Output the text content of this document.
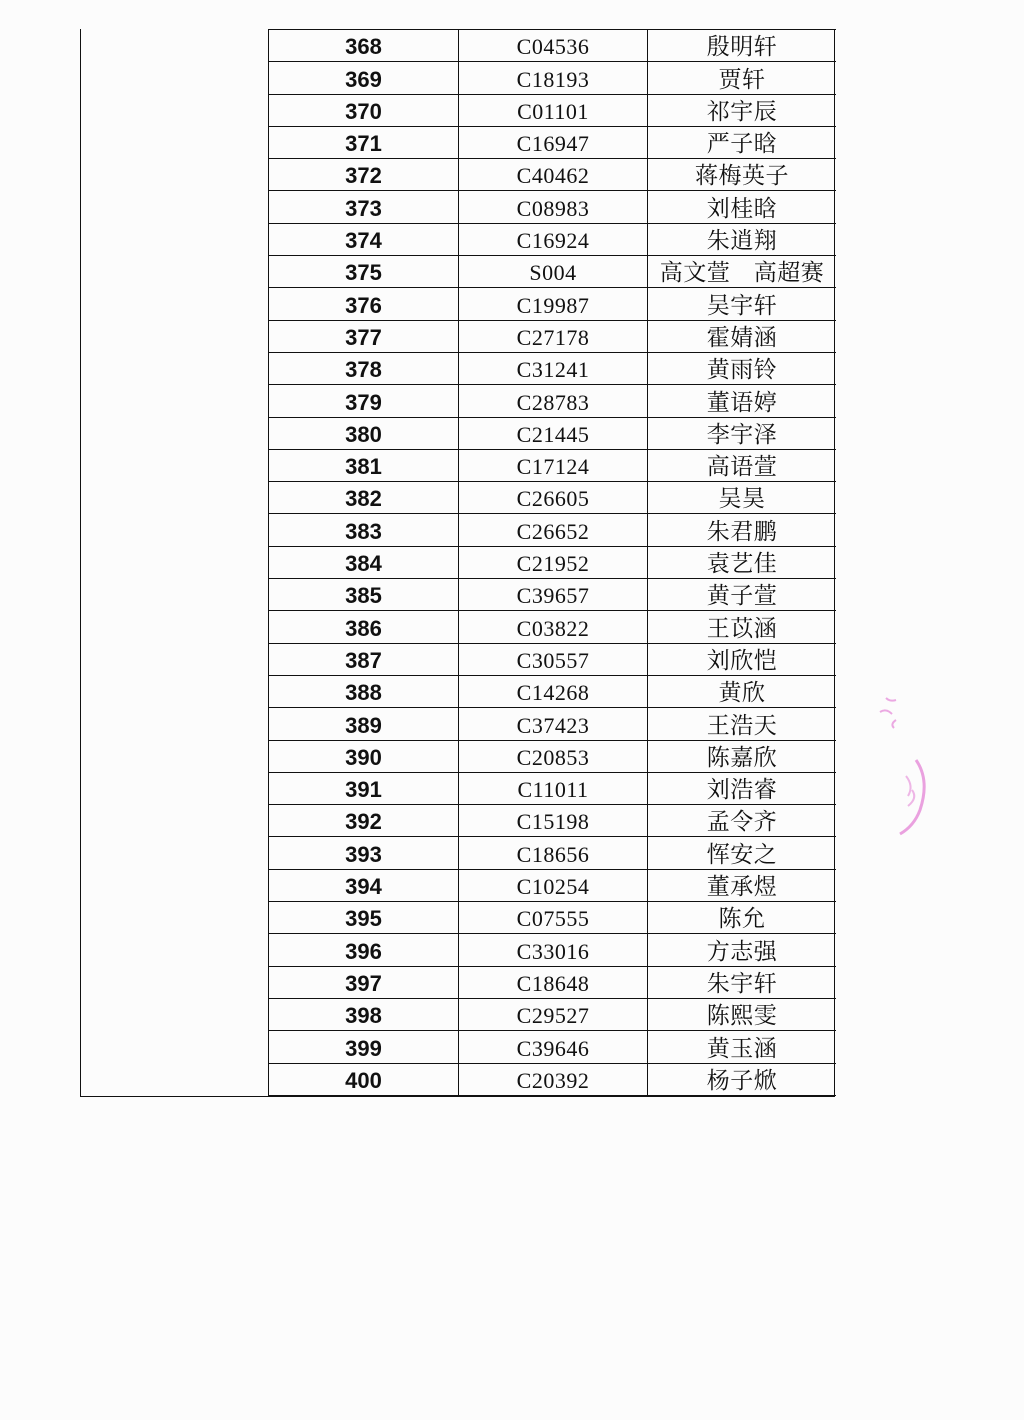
368	C04536	殷明轩
369	C18193	贾轩
370	C01101	祁宇辰
371	C16947	严子晗
372	C40462	蒋梅英子
373	C08983	刘桂晗
374	C16924	朱逍翔
375	S004	高文萱　高超赛
376	C19987	吴宇轩
377	C27178	霍婧涵
378	C31241	黄雨铃
379	C28783	董语婷
380	C21445	李宇泽
381	C17124	高语萱
382	C26605	吴昊
383	C26652	朱君鹏
384	C21952	袁艺佳
385	C39657	黄子萱
386	C03822	王苡涵
387	C30557	刘欣恺
388	C14268	黄欣
389	C37423	王浩天
390	C20853	陈嘉欣
391	C11011	刘浩睿
392	C15198	孟令齐
393	C18656	恽安之
394	C10254	董承煜
395	C07555	陈允
396	C33016	方志强
397	C18648	朱宇轩
398	C29527	陈熙雯
399	C39646	黄玉涵
400	C20392	杨子焮
